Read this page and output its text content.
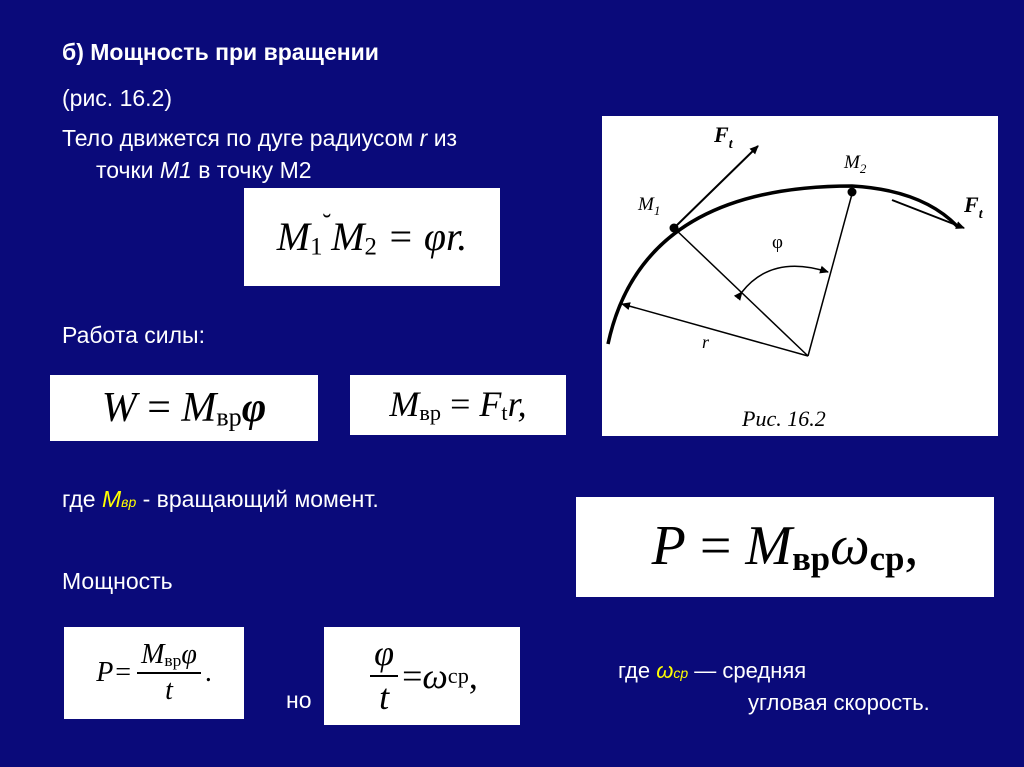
б) Мощность при вращении
(рис. 16.2)
Тело движется по дуге радиусом r из
точки M1 в точку М2
M1˘M2 = φr.
Работа силы:
W = Mврφ	Mвр = Ftr,
где Mвр - вращающий момент.
Мощность
$P = \frac{\text{Mврφ}}{t}$ .
но $\frac{\varphi}{t} = \omega$ ср ,
P = Mврωср,
где ωср — средняя
угловая скорость.
$F_t$
$M_2$
$M_1$	$F_t$
φ
r
Рис. 16.2
